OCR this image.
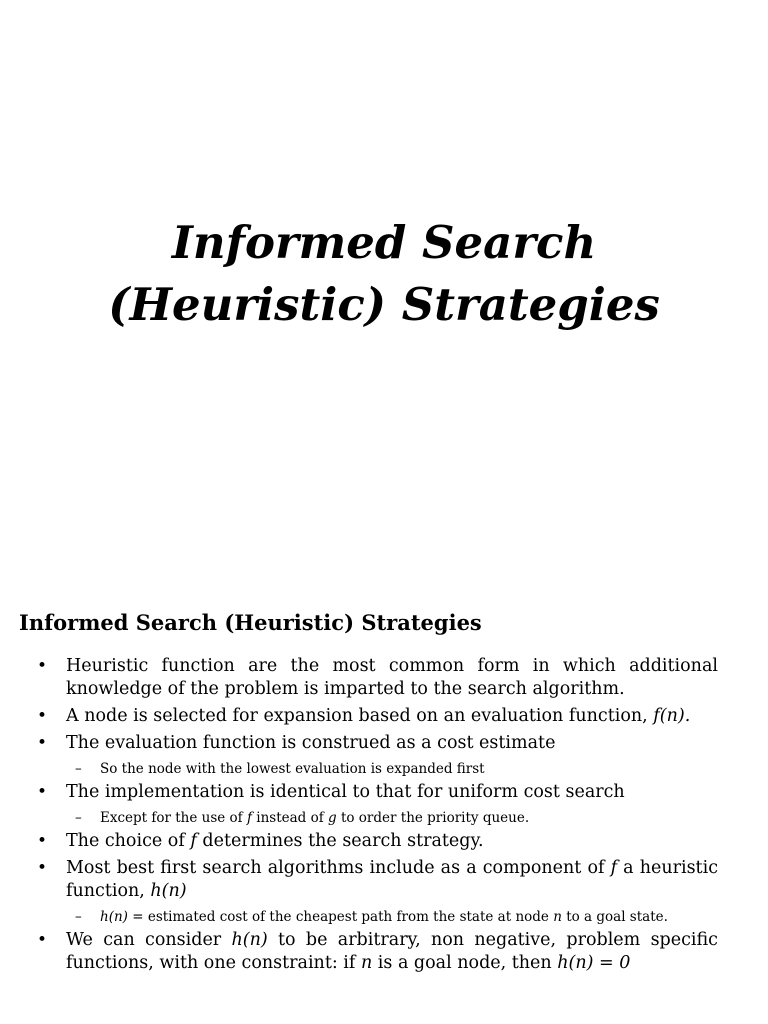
Informed Search
(Heuristic) Strategies
Informed Search (Heuristic) Strategies
• Heuristic function are the most common form in which additional knowledge of the problem is imparted to the search algorithm.
• A node is selected for expansion based on an evaluation function, f(n).
• The evaluation function is construed as a cost estimate
– So the node with the lowest evaluation is expanded first
• The implementation is identical to that for uniform cost search
– Except for the use of f instead of g to order the priority queue.
• The choice of f determines the search strategy.
• Most best first search algorithms include as a component of f a heuristic function, h(n)
– h(n) = estimated cost of the cheapest path from the state at node n to a goal state.
• We can consider h(n) to be arbitrary, non negative, problem specific functions, with one constraint: if n is a goal node, then h(n) = 0
